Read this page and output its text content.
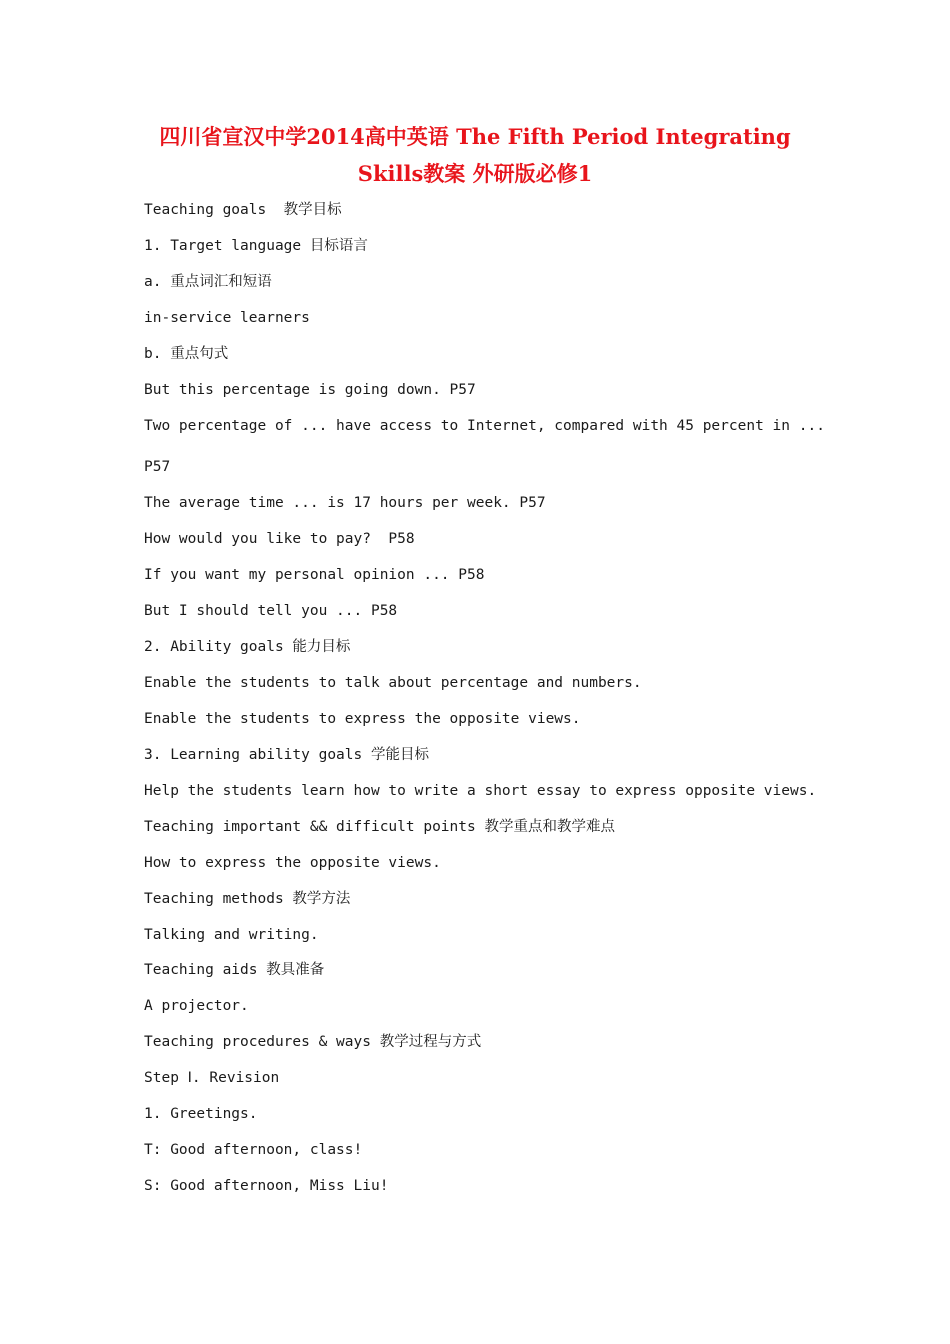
四川省宣汉中学2014高中英语 The Fifth Period Integrating
Skills教案 外研版必修1
Teaching goals  教学目标
1. Target language 目标语言
a. 重点词汇和短语
in-service learners
b. 重点句式
But this percentage is going down. P57
Two percentage of ... have access to Internet, compared with 45 percent in ...
P57
The average time ... is 17 hours per week. P57
How would you like to pay?  P58
If you want my personal opinion ... P58
But I should tell you ... P58
2. Ability goals 能力目标
Enable the students to talk about percentage and numbers.
Enable the students to express the opposite views.
3. Learning ability goals 学能目标
Help the students learn how to write a short essay to express opposite views.
Teaching important && difficult points 教学重点和教学难点
How to express the opposite views.
Teaching methods 教学方法
Talking and writing.
Teaching aids 教具准备
A projector.
Teaching procedures & ways 教学过程与方式
Step Ⅰ. Revision
1. Greetings.
T: Good afternoon, class!
S: Good afternoon, Miss Liu!
